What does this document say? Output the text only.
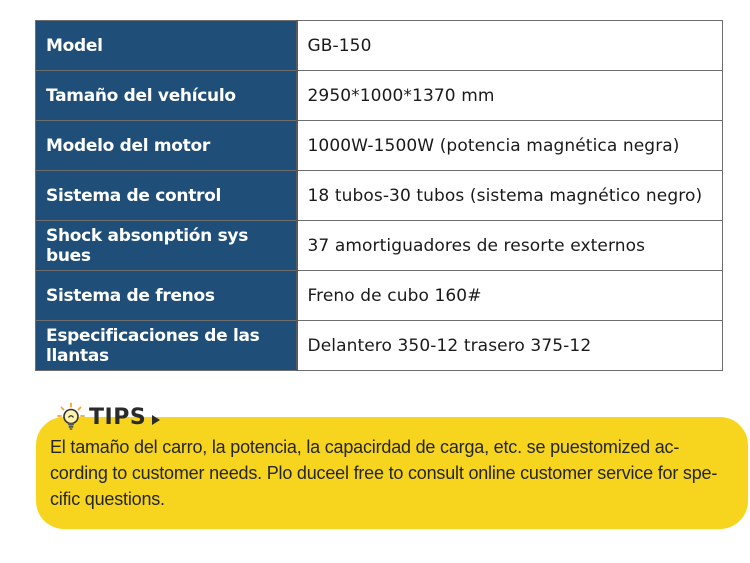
Model	GB-150
Tamaño del vehículo	2950*1000*1370 mm
Modelo del motor	1000W-1500W (potencia magnética negra)
Sistema de control	18 tubos-30 tubos (sistema magnético negro)
Shock absonptión sys bues	37 amortiguadores de resorte externos
Sistema de frenos	Freno de cubo 160#
Especificaciones de las llantas	Delantero 350-12 trasero 375-12
TIPS
El tamaño del carro, la potencia, la capacirdad de carga, etc. se puestomized ac-
cording to customer needs. Plo duceel free to consult online customer service for spe-
cific questions.
